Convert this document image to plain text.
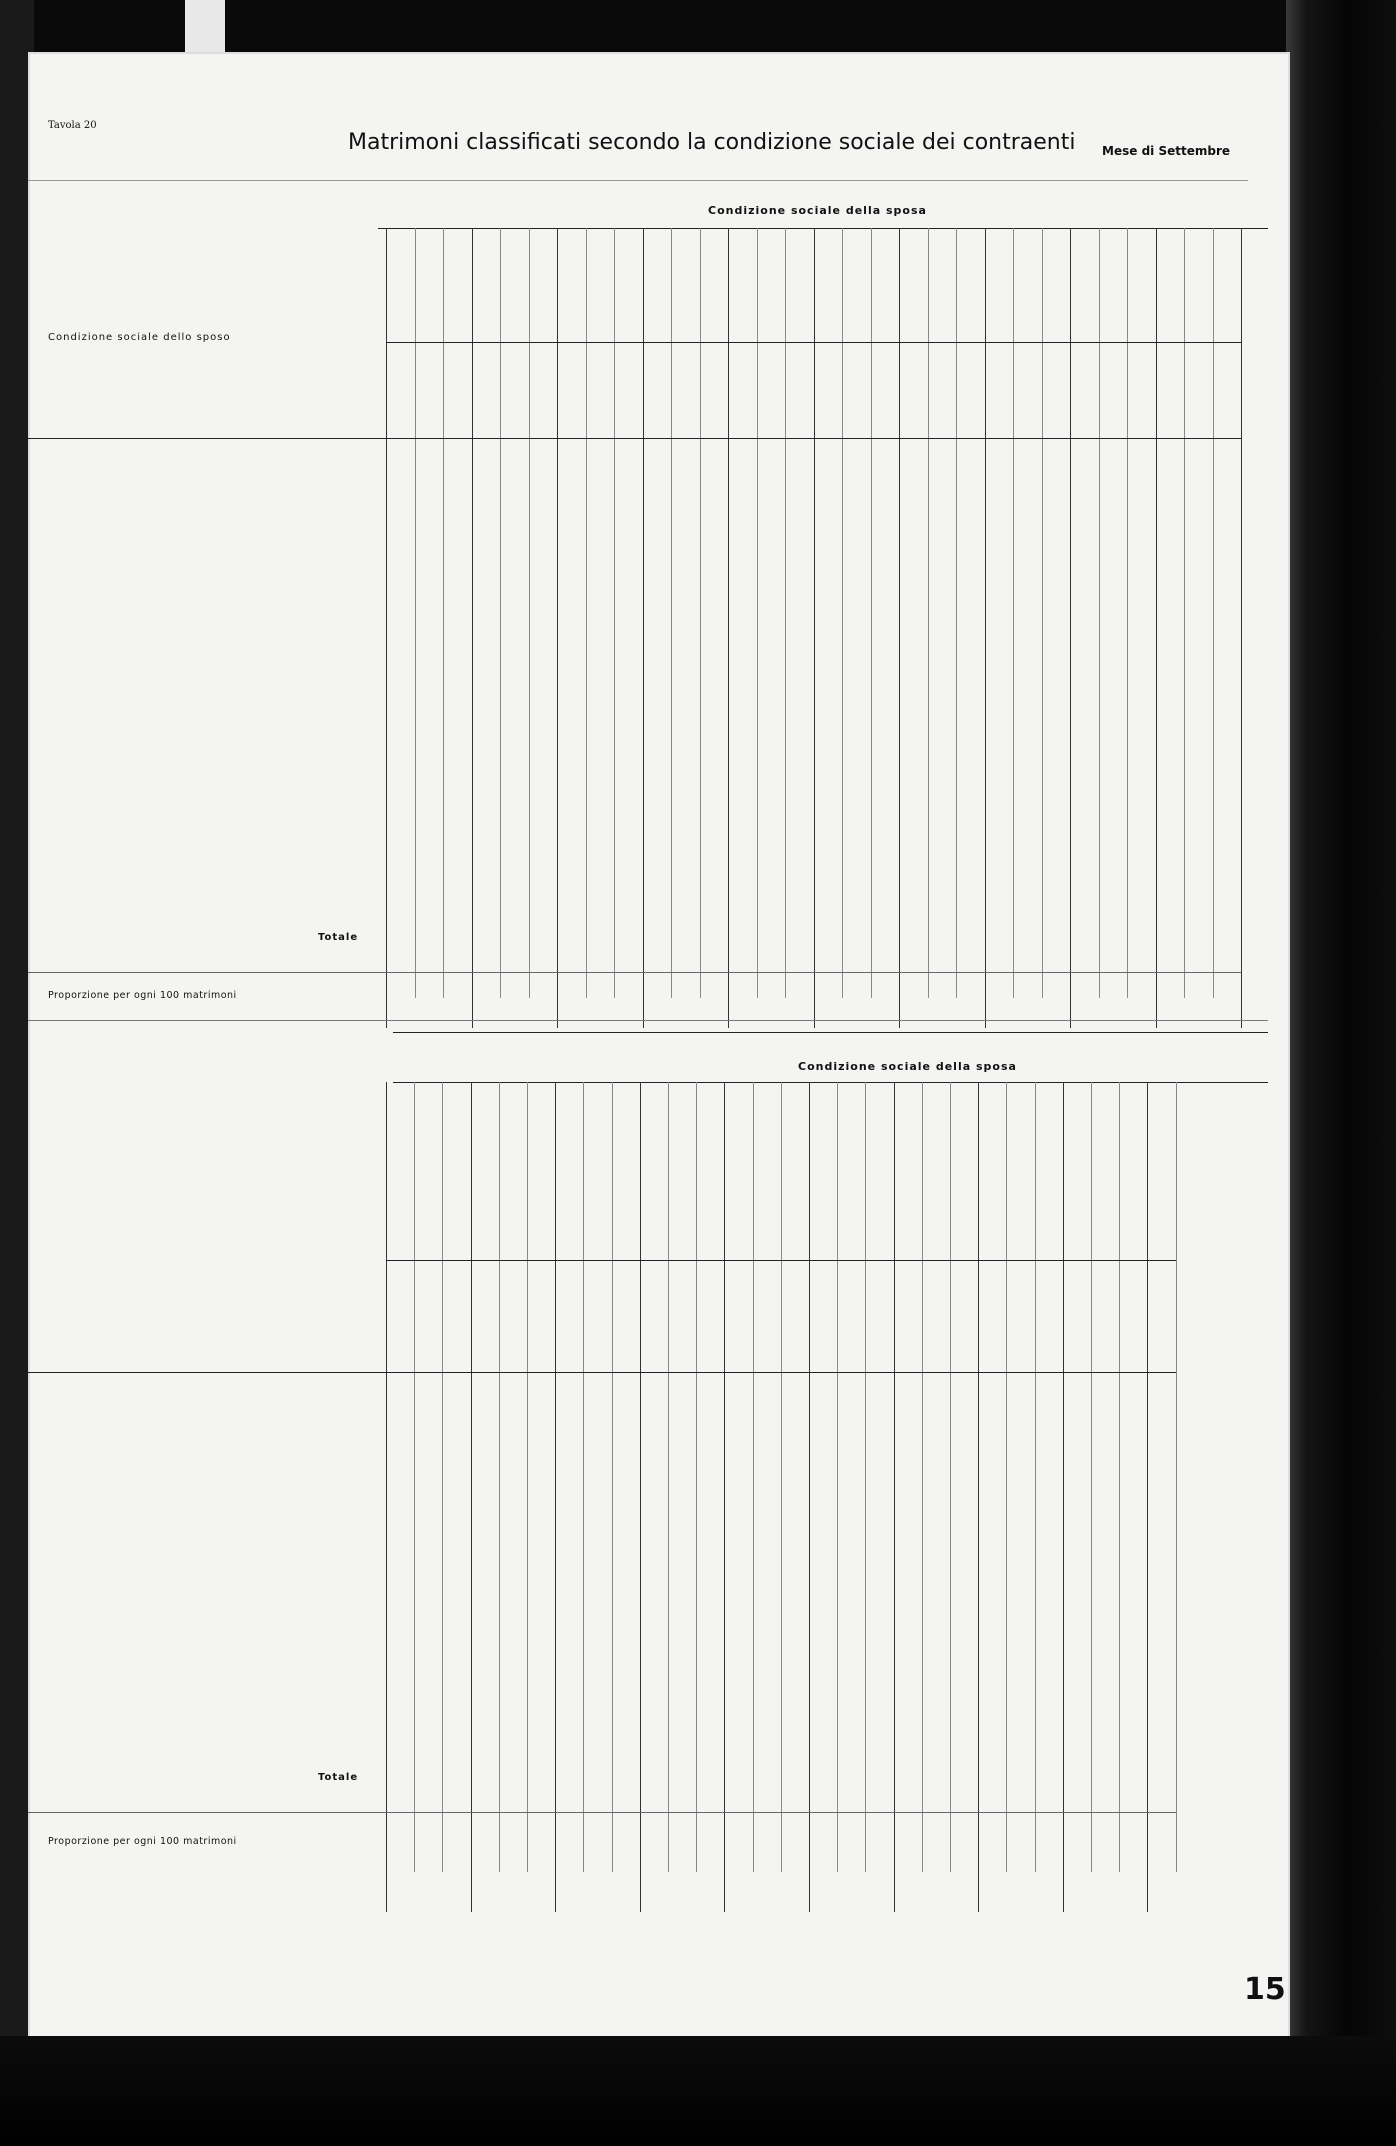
Tavola 20
Matrimoni classificati secondo la condizione sociale dei contraenti Mese di Settembre
Condizione sociale della sposa
Condizione sociale dello sposo
Totale
Proporzione per ogni 100 matrimoni
Condizione sociale della sposa
Totale
Proporzione per ogni 100 matrimoni
15
